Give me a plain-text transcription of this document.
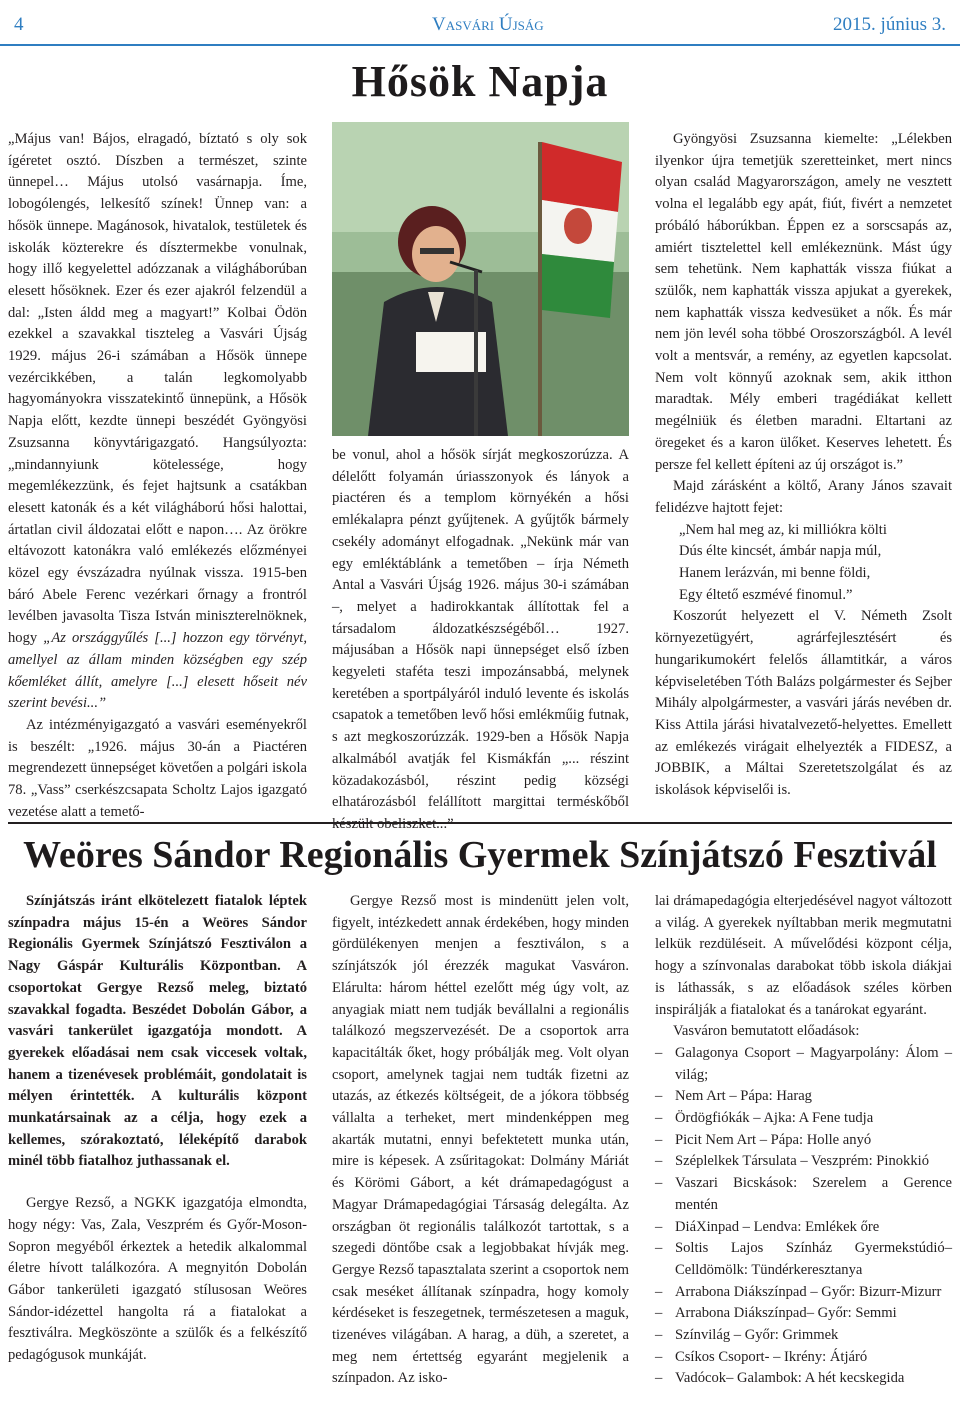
4	Vasvári Újság	2015. június 3.
Hősök Napja

„Május van! Bájos, elragadó, bíztató s oly sok ígéretet osztó. Díszben a természet, szinte ünnepel… Május utolsó vasárnapja. Íme, lobogólengés, lelkesítő színek! Ünnep van: a hősök ünnepe. Magánosok, hivatalok, testületek és iskolák közterekre és dísztermekbe vonulnak, hogy illő kegyelettel adózzanak a világháborúban elesett hősöknek. Ezer és ezer ajakról felzendül a dal: „Isten áldd meg a magyart!” Kolbai Ödön ezekkel a szavakkal tiszteleg a Vasvári Újság 1929. május 26-i számában a Hősök ünnepe vezércikkében, a talán legkomolyabb hagyományokra visszatekintő ünnepünk, a Hősök Napja előtt, kezdte ünnepi beszédét Gyöngyösi Zsuzsanna könyvtárigazgató. Hangsúlyozta: „mindannyiunk kötelessége, hogy megemlékezzünk, és fejet hajtsunk a csatákban elesett katonák és a két világháború hősi halottai, ártatlan civil áldozatai előtt e napon…. Az örökre eltávozott katonákra való emlékezés előzményei közel egy évszázadra nyúlnak vissza. 1915-ben báró Abele Ferenc vezérkari őrnagy a frontról levélben javasolta Tisza István miniszterelnöknek, hogy „Az országgyűlés [...] hozzon egy törvényt, amellyel az állam minden községben egy szép kőemléket állít, amelyre [...] elesett hőseit név szerint bevési...”

Az intézményigazgató a vasvári eseményekről is beszélt: „1926. május 30-án a Piactéren megrendezett ünnepséget követően a polgári iskola 78. „Vass” cserkészcsapata Scholtz Lajos igazgató vezetése alatt a temető-

be vonul, ahol a hősök sírját megkoszorúzza. A délelőtt folyamán úriasszonyok és lányok a piactéren és a templom környékén a hősi emlékalapra pénzt gyűjtenek. A gyűjtők bármely csekély adományt elfogadnak. „Nekünk már van egy emléktáblánk a temetőben – írja Németh Antal a Vasvári Újság 1926. május 30-i számában –, melyet a hadirokkantak állítottak fel a társadalom áldozatkészségéből… 1927. májusában a Hősök napi ünnepséget első ízben kegyeleti staféta teszi impozánsabbá, melynek keretében a sportpályáról induló levente és iskolás csapatok a temetőben levő hősi emlékműig futnak, s azt megkoszorúzzák. 1929-ben a Hősök Napja alkalmából avatják fel Kismákfán „... részint közadakozásból, részint pedig községi elhatározásból felállított margittai terméskőből

Gyöngyösi Zsuzsanna kiemelte: „Lélekben ilyenkor újra temetjük szeretteinket, mert nincs olyan család Magyarországon, amely ne vesztett volna el legalább egy apát, fiút, fivért a nemzetet próbáló háborúkban. Éppen ez a sorscsapás az, amiért tisztelettel kell emlékeznünk. Mást úgy sem tehetünk. Nem kaphatták vissza fiúkat a szülők, nem kaphatták vissza apjukat a gyerekek, nem kaphatták vissza kedvesüket a nők. És már nem jön levél soha többé Oroszországból. A levél volt a mentsvár, a remény, az egyetlen kapcsolat. Nem volt könnyű azoknak sem, akik itthon maradtak. Mély emberi tragédiákat kellett megélniük és életben maradni. Eltartani az öregeket és a karon ülőket. Keserves lehetett. És persze fel kellett építeni az új országot is.”

Majd zárásként a költő, Arany János szavait felidézve hajtott fejet:

„Nem hal meg az, ki milliókra költi

Dús élte kincsét, ámbár napja múl,

Hanem lerázván, mi benne földi,

Egy éltető eszmévé finomul.”

Koszorút helyezett el V. Németh Zsolt környezetügyért, agrárfejlesztésért és hungarikumokért felelős államtitkár, a város képviseletében Tóth Balázs polgármester és Sejber Mihály alpolgármester, a vasvári járás nevében dr. Kiss Attila járási hivatalvezető-helyettes. Emellett az emlékezés virágait elhelyezték a FIDESZ, a JOBBIK, a Máltai Szeretetszolgálat és az iskolások képviselői is.

Weöres Sándor Regionális Gyermek Színjátszó Fesztivál

Színjátszás iránt elkötelezett fiatalok léptek színpadra május 15-én a Weöres Sándor Regionális Gyermek Színjátszó Fesztiválon a Nagy Gáspár Kulturális Központban. A csoportokat Gergye Rezső meleg, biztató szavakkal fogadta. Beszédet Dobolán Gábor, a vasvári tankerület igazgatója mondott. A gyerekek előadásai nem csak viccesek voltak, hanem a tizenévesek problémáit, gondolatait is mélyen érintették. A kulturális központ munkatársainak az a célja, hogy ezek a kellemes, szórakoztató, léleképítő darabok minél több fiatalhoz juthassanak el.

Gergye Rezső, a NGKK igazgatója elmondta, hogy négy: Vas, Zala, Veszprém és Győr-Moson-Sopron megyéből érkeztek a hetedik alkalommal életre hívott találkozóra. A megnyitón Dobolán Gábor tankerületi igazgató stílusosan Weöres Sándor-idézettel hangolta rá a fiatalokat a fesztiválra. Megköszönte a szülők és a felkészítő pedagógusok munkáját.

Gergye Rezső most is mindenütt jelen volt, figyelt, intézkedett annak érdekében, hogy minden gördülékenyen menjen a fesztiválon, s a színjátszók jól érezzék magukat Vasváron. Elárulta: három héttel ezelőtt még úgy volt, az anyagiak miatt nem tudják bevállalni a regionális találkozó megszervezését. De a csoportok arra kapacitálták őket, hogy próbálják meg. Volt olyan csoport, amelynek tagjai nem tudták fizetni az utazás, az étkezés költségeit, de a jókora többség vállalta a terheket, mert mindenképpen meg akarták mutatni, ennyi befektetett munka után, mire is képesek. A zsűritagokat: Dolmány Máriát és Körömi Gábort, a két drámapedagógust a Magyar Drámapedagógiai Társaság delegálta. Az országban öt regionális találkozót tartottak, s a szegedi döntőbe csak a legjobbakat hívják meg. Gergye Rezső tapasztalata szerint a csoportok nem csak meséket állítanak színpadra, hogy komoly kérdéseket is feszegetnek, természetesen a maguk, tizenéves világában. A harag, a düh, a szeretet, a meg nem értettség egyaránt megjelenik a színpadon. Az isko-

lai drámapedagógia elterjedésével nagyot változott a világ. A gyerekek nyíltabban merik megmutatni lelkük rezdüléseit. A művelődési központ célja, hogy a színvonalas darabokat több iskola diákjai is láthassák, s az előadások széles körben inspirálják a fiatalokat és a tanárokat egyaránt.

Vasváron bemutatott előadások:

– Galagonya Csoport – Magyarpolány: Álom – világ;
– Nem Art – Pápa: Harag
– Ördögfiókák – Ajka: A Fene tudja
– Picit Nem Art – Pápa: Holle anyó
– Széplelkek Társulata – Veszprém: Pinokkió
– Vaszari Bicskások: Szerelem a Gerence mentén
– DiáXinpad – Lendva: Emlékek őre
– Soltis Lajos Színház Gyermekstúdió– Celldömölk: Tündérkeresztanya
– Arrabona Diákszínpad – Győr: Bizurr-Mizurr
– Arrabona Diákszínpad– Győr: Semmi
– Színvilág – Győr: Grimmek
– Csíkos Csoport- – Ikrény: Átjáró
– Vadócok– Galambok: A hét kecskegida
